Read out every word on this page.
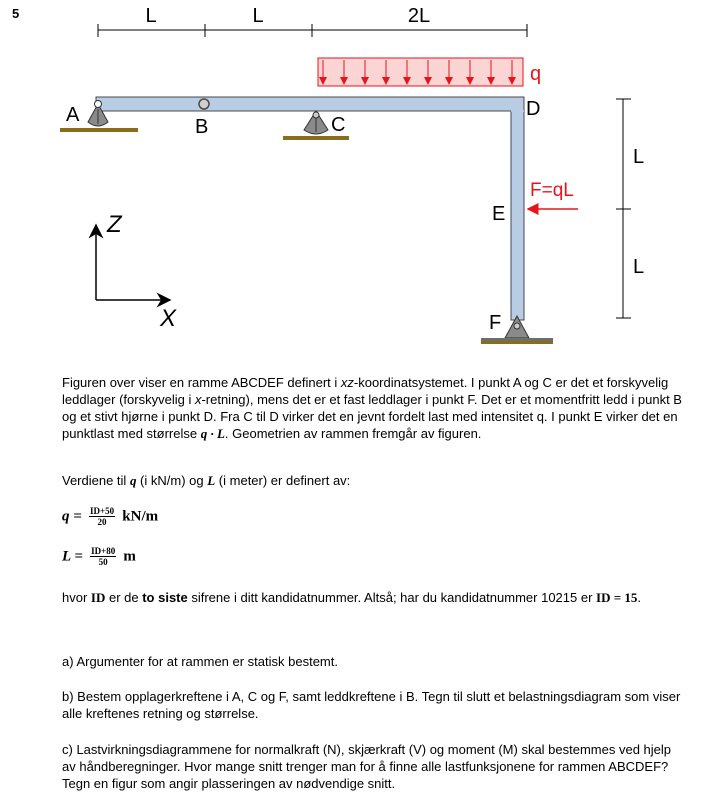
5	L	L	2L
L
L
q
F=qL
A
B	C
D
E
F
Z
X

Figuren over viser en ramme ABCDEF definert i xz-koordinatsystemet. I punkt A og C er det et forskyvelig leddlager (forskyvelig i x-retning), mens det er et fast leddlager i punkt F. Det er et momentfritt ledd i punkt B og et stivt hjørne i punkt D. Fra C til D virker det en jevnt fordelt last med intensitet q. I punkt E virker det en punktlast med størrelse q · L. Geometrien av rammen fremgår av figuren.

Verdiene til q (i kN/m) og L (i meter) er definert av:

$q = \frac{ID+50}{20} kN/m$
$L = \frac{ID+80}{50}$ m

hvor ID er de to siste sifrene i ditt kandidatnummer. Altså; har du kandidatnummer 10215 er ID = 15.

a) Argumenter for at rammen er statisk bestemt.
b) Bestem opplagerkreftene i A, C og F, samt leddkreftene i B. Tegn til slutt et belastningsdiagram som viser alle kreftenes retning og størrelse.
c) Lastvirkningsdiagrammene for normalkraft (N), skjærkraft (V) og moment (M) skal bestemmes ved hjelp av håndberegninger. Hvor mange snitt trenger man for å finne alle lastfunksjonene for rammen ABCDEF? Tegn en figur som angir plasseringen av nødvendige snitt.
